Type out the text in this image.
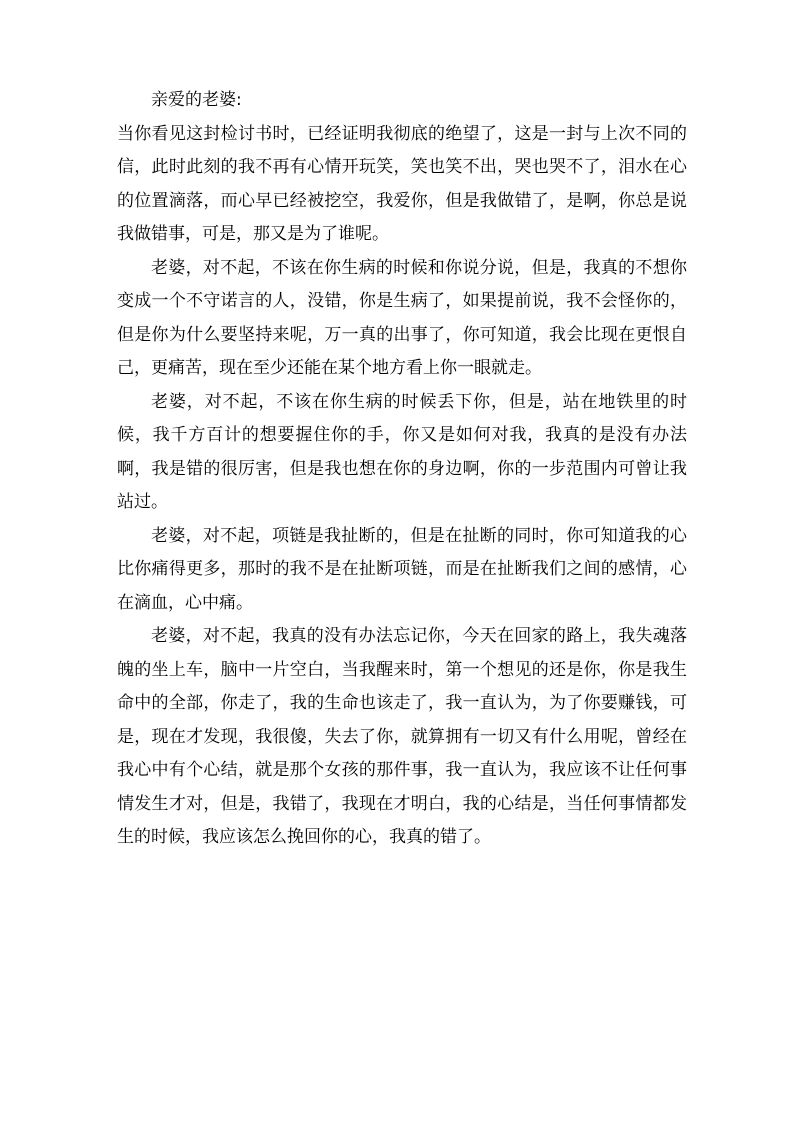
亲爱的老婆:

当你看见这封检讨书时，已经证明我彻底的绝望了，这是一封与上次不同的信，此时此刻的我不再有心情开玩笑，笑也笑不出，哭也哭不了，泪水在心的位置滴落，而心早已经被挖空，我爱你，但是我做错了，是啊，你总是说我做错事，可是，那又是为了谁呢。

老婆，对不起，不该在你生病的时候和你说分说，但是，我真的不想你变成一个不守诺言的人，没错，你是生病了，如果提前说，我不会怪你的，但是你为什么要坚持来呢，万一真的出事了，你可知道，我会比现在更恨自己，更痛苦，现在至少还能在某个地方看上你一眼就走。

老婆，对不起，不该在你生病的时候丢下你，但是，站在地铁里的时候，我千方百计的想要握住你的手，你又是如何对我，我真的是没有办法啊，我是错的很厉害，但是我也想在你的身边啊，你的一步范围内可曾让我站过。

老婆，对不起，项链是我扯断的，但是在扯断的同时，你可知道我的心比你痛得更多，那时的我不是在扯断项链，而是在扯断我们之间的感情，心在滴血，心中痛。

老婆，对不起，我真的没有办法忘记你，今天在回家的路上，我失魂落魄的坐上车，脑中一片空白，当我醒来时，第一个想见的还是你，你是我生命中的全部，你走了，我的生命也该走了，我一直认为，为了你要赚钱，可是，现在才发现，我很傻，失去了你，就算拥有一切又有什么用呢，曾经在我心中有个心结，就是那个女孩的那件事，我一直认为，我应该不让任何事情发生才对，但是，我错了，我现在才明白，我的心结是，当任何事情都发生的时候，我应该怎么挽回你的心，我真的错了。
